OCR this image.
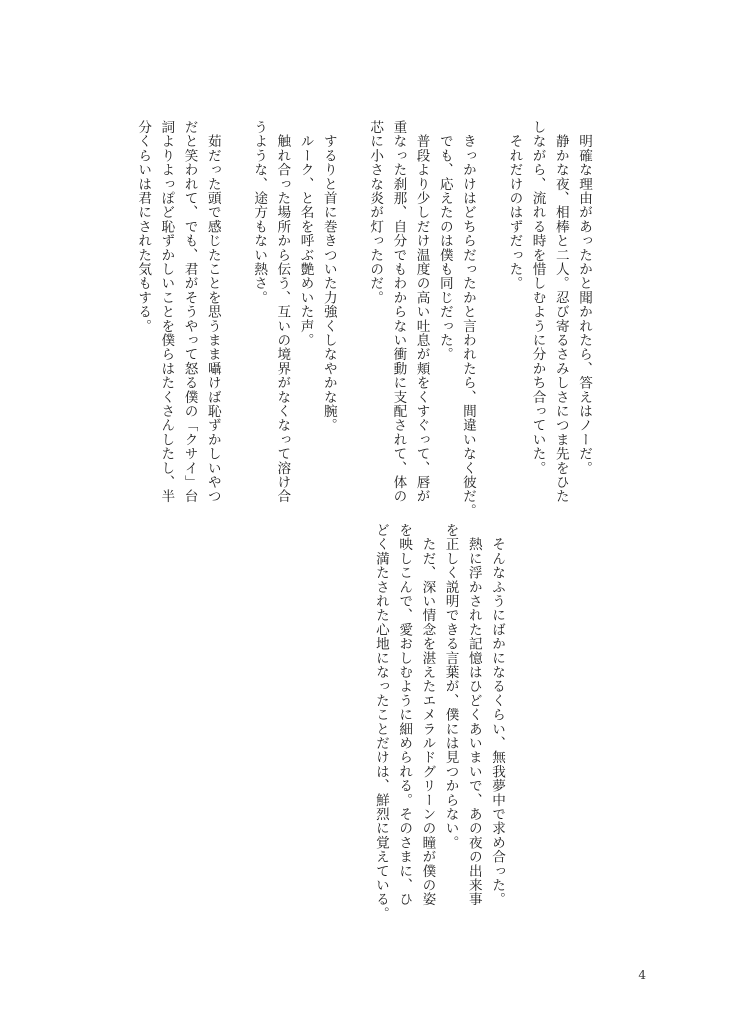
　明確な理由があったかと聞かれたら、答えはノーだ。
　静かな夜、相棒と二人。忍び寄るさみしさにつま先をひた
しながら、流れる時を惜しむように分かち合っていた。
　それだけのはずだった。
　きっかけはどちらだったかと言われたら、間違いなく彼だ。
　でも、応えたのは僕も同じだった。
　普段より少しだけ温度の高い吐息が頬をくすぐって、唇が
重なった刹那、自分でもわからない衝動に支配されて、体の
芯に小さな炎が灯ったのだ。
　するりと首に巻きついた力強くしなやかな腕。
　ルーク、と名を呼ぶ艶めいた声。
　触れ合った場所から伝う、互いの境界がなくなって溶け合
うような、途方もない熱さ。
　茹だった頭で感じたことを思うまま囁けば恥ずかしいやつ
だと笑われて、でも、君がそうやって怒る僕の「クサイ」台
詞よりよっぽど恥ずかしいことを僕らはたくさんしたし、半
分くらいは君にされた気もする。
　そんなふうにばかになるくらい、無我夢中で求め合った。
　熱に浮かされた記憶はひどくあいまいで、あの夜の出来事
を正しく説明できる言葉が、僕には見つからない。
　ただ、深い情念を湛えたエメラルドグリーンの瞳が僕の姿
を映しこんで、愛おしむように細められる。そのさまに、ひ
どく満たされた心地になったことだけは、鮮烈に覚えている。
4
